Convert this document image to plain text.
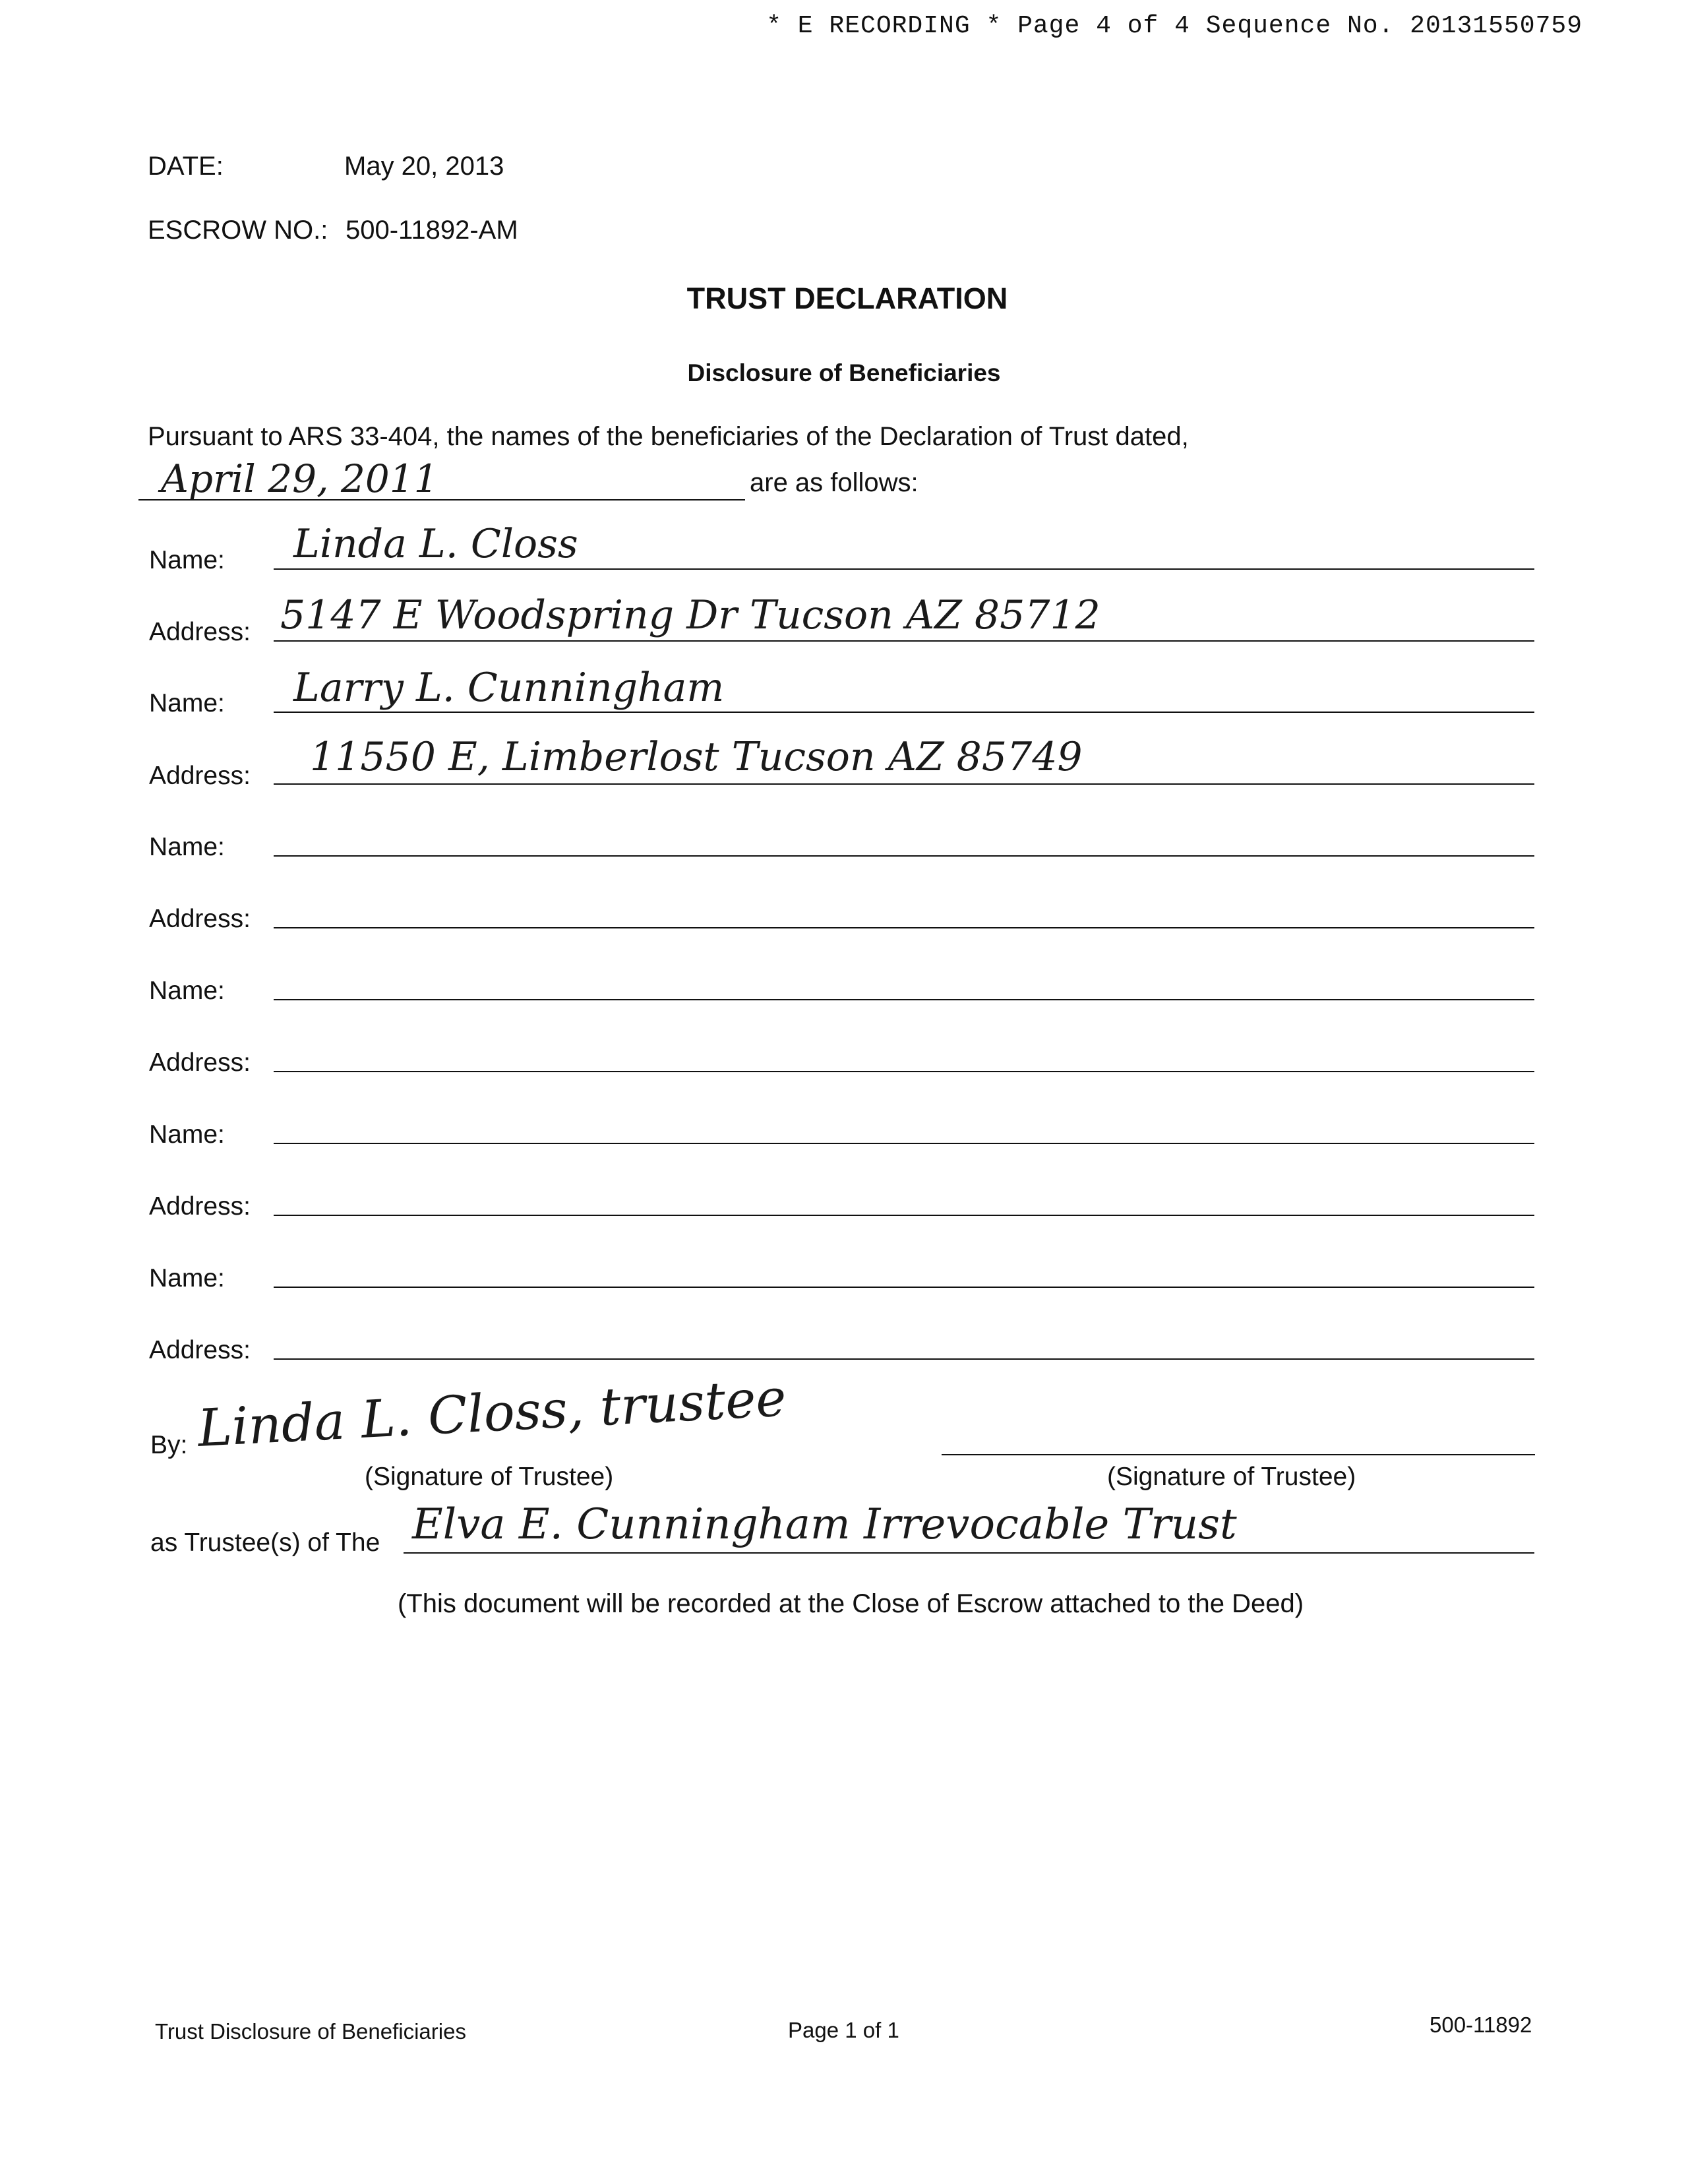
* E RECORDING * Page 4 of 4 Sequence No. 20131550759
DATE:	May 20, 2013
ESCROW NO.: 500-11892-AM
TRUST DECLARATION
Disclosure of Beneficiaries
Pursuant to ARS 33-404, the names of the beneficiaries of the Declaration of Trust dated,
April 29, 2011	are as follows:
Name: Linda L. Closs
Address: 5147 E Woodspring Dr Tucson AZ 85712
Name: Larry L. Cunningham
Address: 11550 E, Limberlost Tucson AZ 85749
Name:
Address:
Name:
Address:
Name:
Address:
Name:
Address:
By: Linda L. Closs, trustee
(Signature of Trustee)	(Signature of Trustee)
as Trustee(s) of The Elva E. Cunningham Irrevocable Trust
(This document will be recorded at the Close of Escrow attached to the Deed)
Trust Disclosure of Beneficiaries	Page 1 of 1	500-11892
